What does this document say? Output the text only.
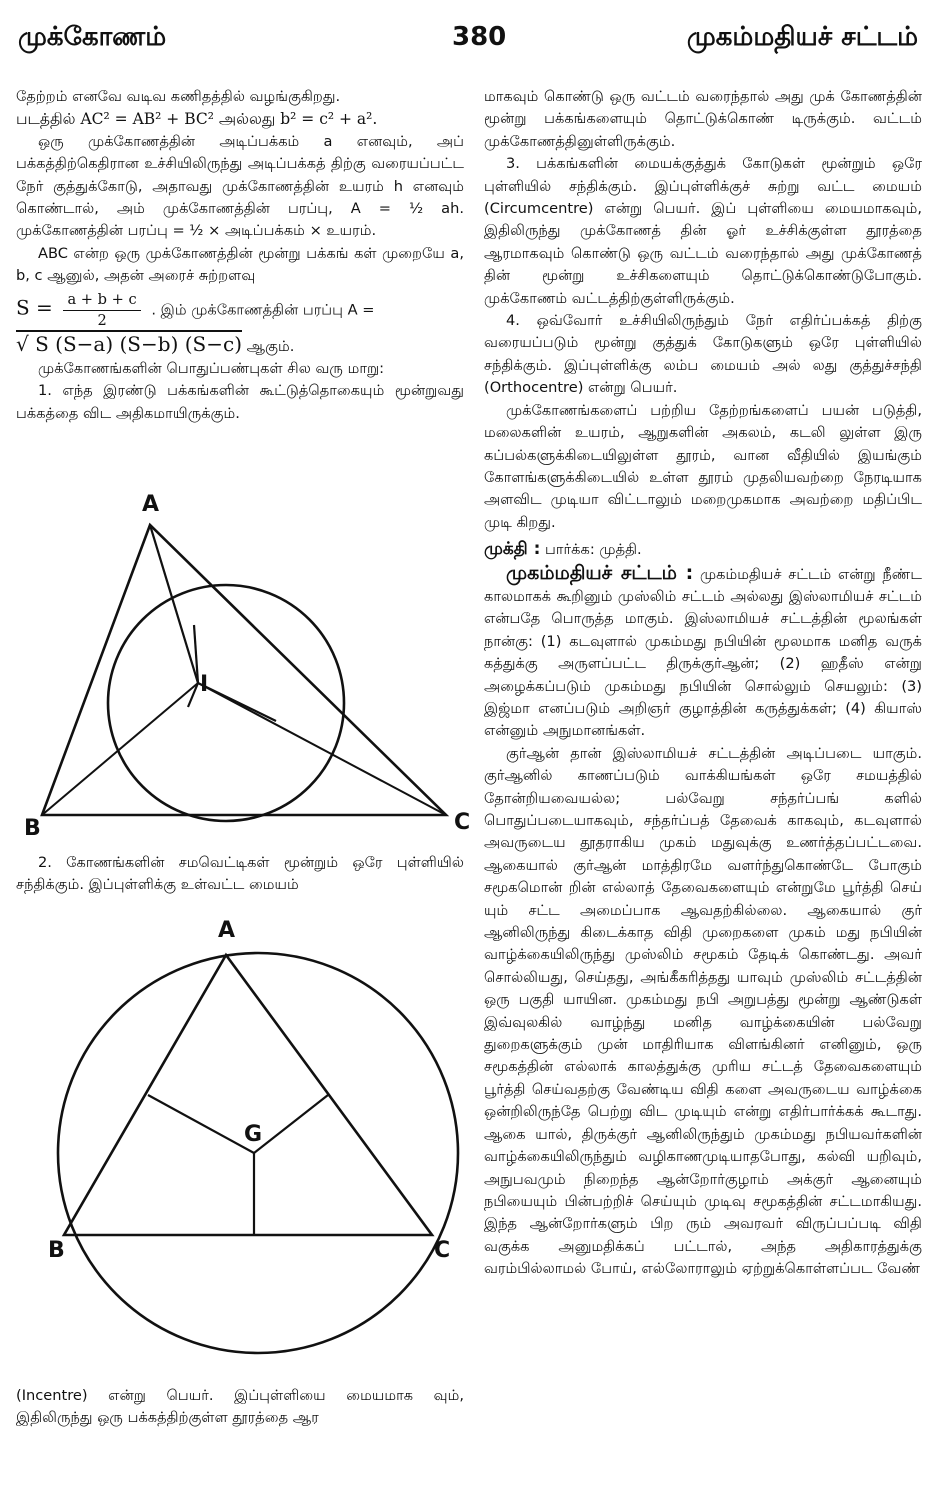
முக்கோணம்	380	முகம்மதியச் சட்டம்

தேற்றம் எனவே வடிவ கணிதத்தில் வழங்குகிறது.

படத்தில் AC² = AB² + BC² அல்லது b² = c² + a².

ஒரு முக்கோணத்தின் அடிப்பக்கம் a எனவும், அப் பக்கத்திற்கெதிரான உச்சியிலிருந்து அடிப்பக்கத் திற்கு வரையப்பட்ட நேர் குத்துக்கோடு, அதாவது முக்கோணத்தின் உயரம் h எனவும் கொண்டால், அம் முக்கோணத்தின் பரப்பு, A = ½ ah. முக்கோணத்தின் பரப்பு = ½ × அடிப்பக்கம் × உயரம்.

ABC என்ற ஒரு முக்கோணத்தின் மூன்று பக்கங் கள் முறையே a, b, c ஆனுல், அதன் அரைச் சுற்றளவு

$S = \frac{a + b + c}{2}$ . இம் முக்கோணத்தின் பரப்பு A =

√ S (S−a) (S−b) (S−c) ஆகும்.

முக்கோணங்களின் பொதுப்பண்புகள் சில வரு மாறு:

1. எந்த இரண்டு பக்கங்களின் கூட்டுத்தொகையும் மூன்றுவது பக்கத்தை விட அதிகமாயிருக்கும்.

A
B	C
I

2. கோணங்களின் சமவெட்டிகள் மூன்றும் ஒரே புள்ளியில் சந்திக்கும். இப்புள்ளிக்கு உள்வட்ட மையம்

A
B	C
G

(Incentre) என்று பெயர். இப்புள்ளியை மையமாக வும், இதிலிருந்து ஒரு பக்கத்திற்குள்ள தூரத்தை ஆர

மாகவும் கொண்டு ஒரு வட்டம் வரைந்தால் அது முக் கோணத்தின் மூன்று பக்கங்களையும் தொட்டுக்கொண் டிருக்கும். வட்டம் முக்கோணத்தினுள்ளிருக்கும்.

3. பக்கங்களின் மையக்குத்துக் கோடுகள் மூன்றும் ஒரே புள்ளியில் சந்திக்கும். இப்புள்ளிக்குச் சுற்று வட்ட மையம் (Circumcentre) என்று பெயர். இப் புள்ளியை மையமாகவும், இதிலிருந்து முக்கோணத் தின் ஓர் உச்சிக்குள்ள தூரத்தை ஆரமாகவும் கொண்டு ஒரு வட்டம் வரைந்தால் அது முக்கோணத் தின் மூன்று உச்சிகளையும் தொட்டுக்கொண்டுபோகும். முக்கோணம் வட்டத்திற்குள்ளிருக்கும்.

4. ஒவ்வோர் உச்சியிலிருந்தும் நேர் எதிர்ப்பக்கத் திற்கு வரையப்படும் மூன்று குத்துக் கோடுகளும் ஒரே புள்ளியில் சந்திக்கும். இப்புள்ளிக்கு லம்ப மையம் அல் லது குத்துச்சந்தி (Orthocentre) என்று பெயர்.

முக்கோணங்களைப் பற்றிய தேற்றங்களைப் பயன் படுத்தி, மலைகளின் உயரம், ஆறுகளின் அகலம், கடலி லுள்ள இரு கப்பல்களுக்கிடையிலுள்ள தூரம், வான வீதியில் இயங்கும் கோளங்களுக்கிடையில் உள்ள தூரம் முதலியவற்றை நேரடியாக அளவிட முடியா விட்டாலும் மறைமுகமாக அவற்றை மதிப்பிட முடி கிறது.

முக்தி : பார்க்க: முத்தி.

முகம்மதியச் சட்டம் : முகம்மதியச் சட்டம் என்று நீண்ட காலமாகக் கூறினும் முஸ்லிம் சட்டம் அல்லது இஸ்லாமியச் சட்டம் என்பதே பொருத்த மாகும். இஸ்லாமியச் சட்டத்தின் மூலங்கள் நான்கு: (1) கடவுளால் முகம்மது நபியின் மூலமாக மனித வருக் கத்துக்கு அருளப்பட்ட திருக்குர்ஆன்; (2) ஹதீஸ் என்று அழைக்கப்படும் முகம்மது நபியின் சொல்லும் செயலும்: (3) இஜ்மா எனப்படும் அறிஞர் குழாத்தின் கருத்துக்கள்; (4) கியாஸ் என்னும் அநுமானங்கள்.

குர்ஆன் தான் இஸ்லாமியச் சட்டத்தின் அடிப்படை யாகும். குர்ஆனில் காணப்படும் வாக்கியங்கள் ஒரே சமயத்தில் தோன்றியவையல்ல; பல்வேறு சந்தர்ப்பங் களில் பொதுப்படையாகவும், சந்தர்ப்பத் தேவைக் காகவும், கடவுளால் அவருடைய தூதராகிய முகம் மதுவுக்கு உணர்த்தப்பட்டவை. ஆகையால் குர்ஆன் மாத்திரமே வளர்ந்துகொண்டே போகும் சமூகமொன் றின் எல்லாத் தேவைகளையும் என்றுமே பூர்த்தி செய் யும் சட்ட அமைப்பாக ஆவதற்கில்லை. ஆகையால் குர் ஆனிலிருந்து கிடைக்காத விதி முறைகளை முகம் மது நபியின் வாழ்க்கையிலிருந்து முஸ்லிம் சமூகம் தேடிக் கொண்டது. அவர் சொல்லியது, செய்தது, அங்கீகரித்தது யாவும் முஸ்லிம் சட்டத்தின் ஒரு பகுதி யாயின. முகம்மது நபி அறுபத்து மூன்று ஆண்டுகள் இவ்வுலகில் வாழ்ந்து மனித வாழ்க்கையின் பல்வேறு துறைகளுக்கும் முன் மாதிரியாக விளங்கினர் எனினும், ஒரு சமூகத்தின் எல்லாக் காலத்துக்கு முரிய சட்டத் தேவைகளையும் பூர்த்தி செய்வதற்கு வேண்டிய விதி களை அவருடைய வாழ்க்கை ஒன்றிலிருந்தே பெற்று விட முடியும் என்று எதிர்பார்க்கக் கூடாது. ஆகை யால், திருக்குர் ஆனிலிருந்தும் முகம்மது நபியவர்களின் வாழ்க்கையிலிருந்தும் வழிகாணமுடியாதபோது, கல்வி யறிவும், அநுபவமும் நிறைந்த ஆன்றோர்குழாம் அக்குர் ஆனையும் நபியையும் பின்பற்றிச் செய்யும் முடிவு சமூகத்தின் சட்டமாகியது. இந்த ஆன்றோர்களும் பிற ரும் அவரவர் விருப்பப்படி விதி வகுக்க அனுமதிக்கப் பட்டால், அந்த அதிகாரத்துக்கு வரம்பில்லாமல் போய், எல்லோராலும் ஏற்றுக்கொள்ளப்பட வேண்
